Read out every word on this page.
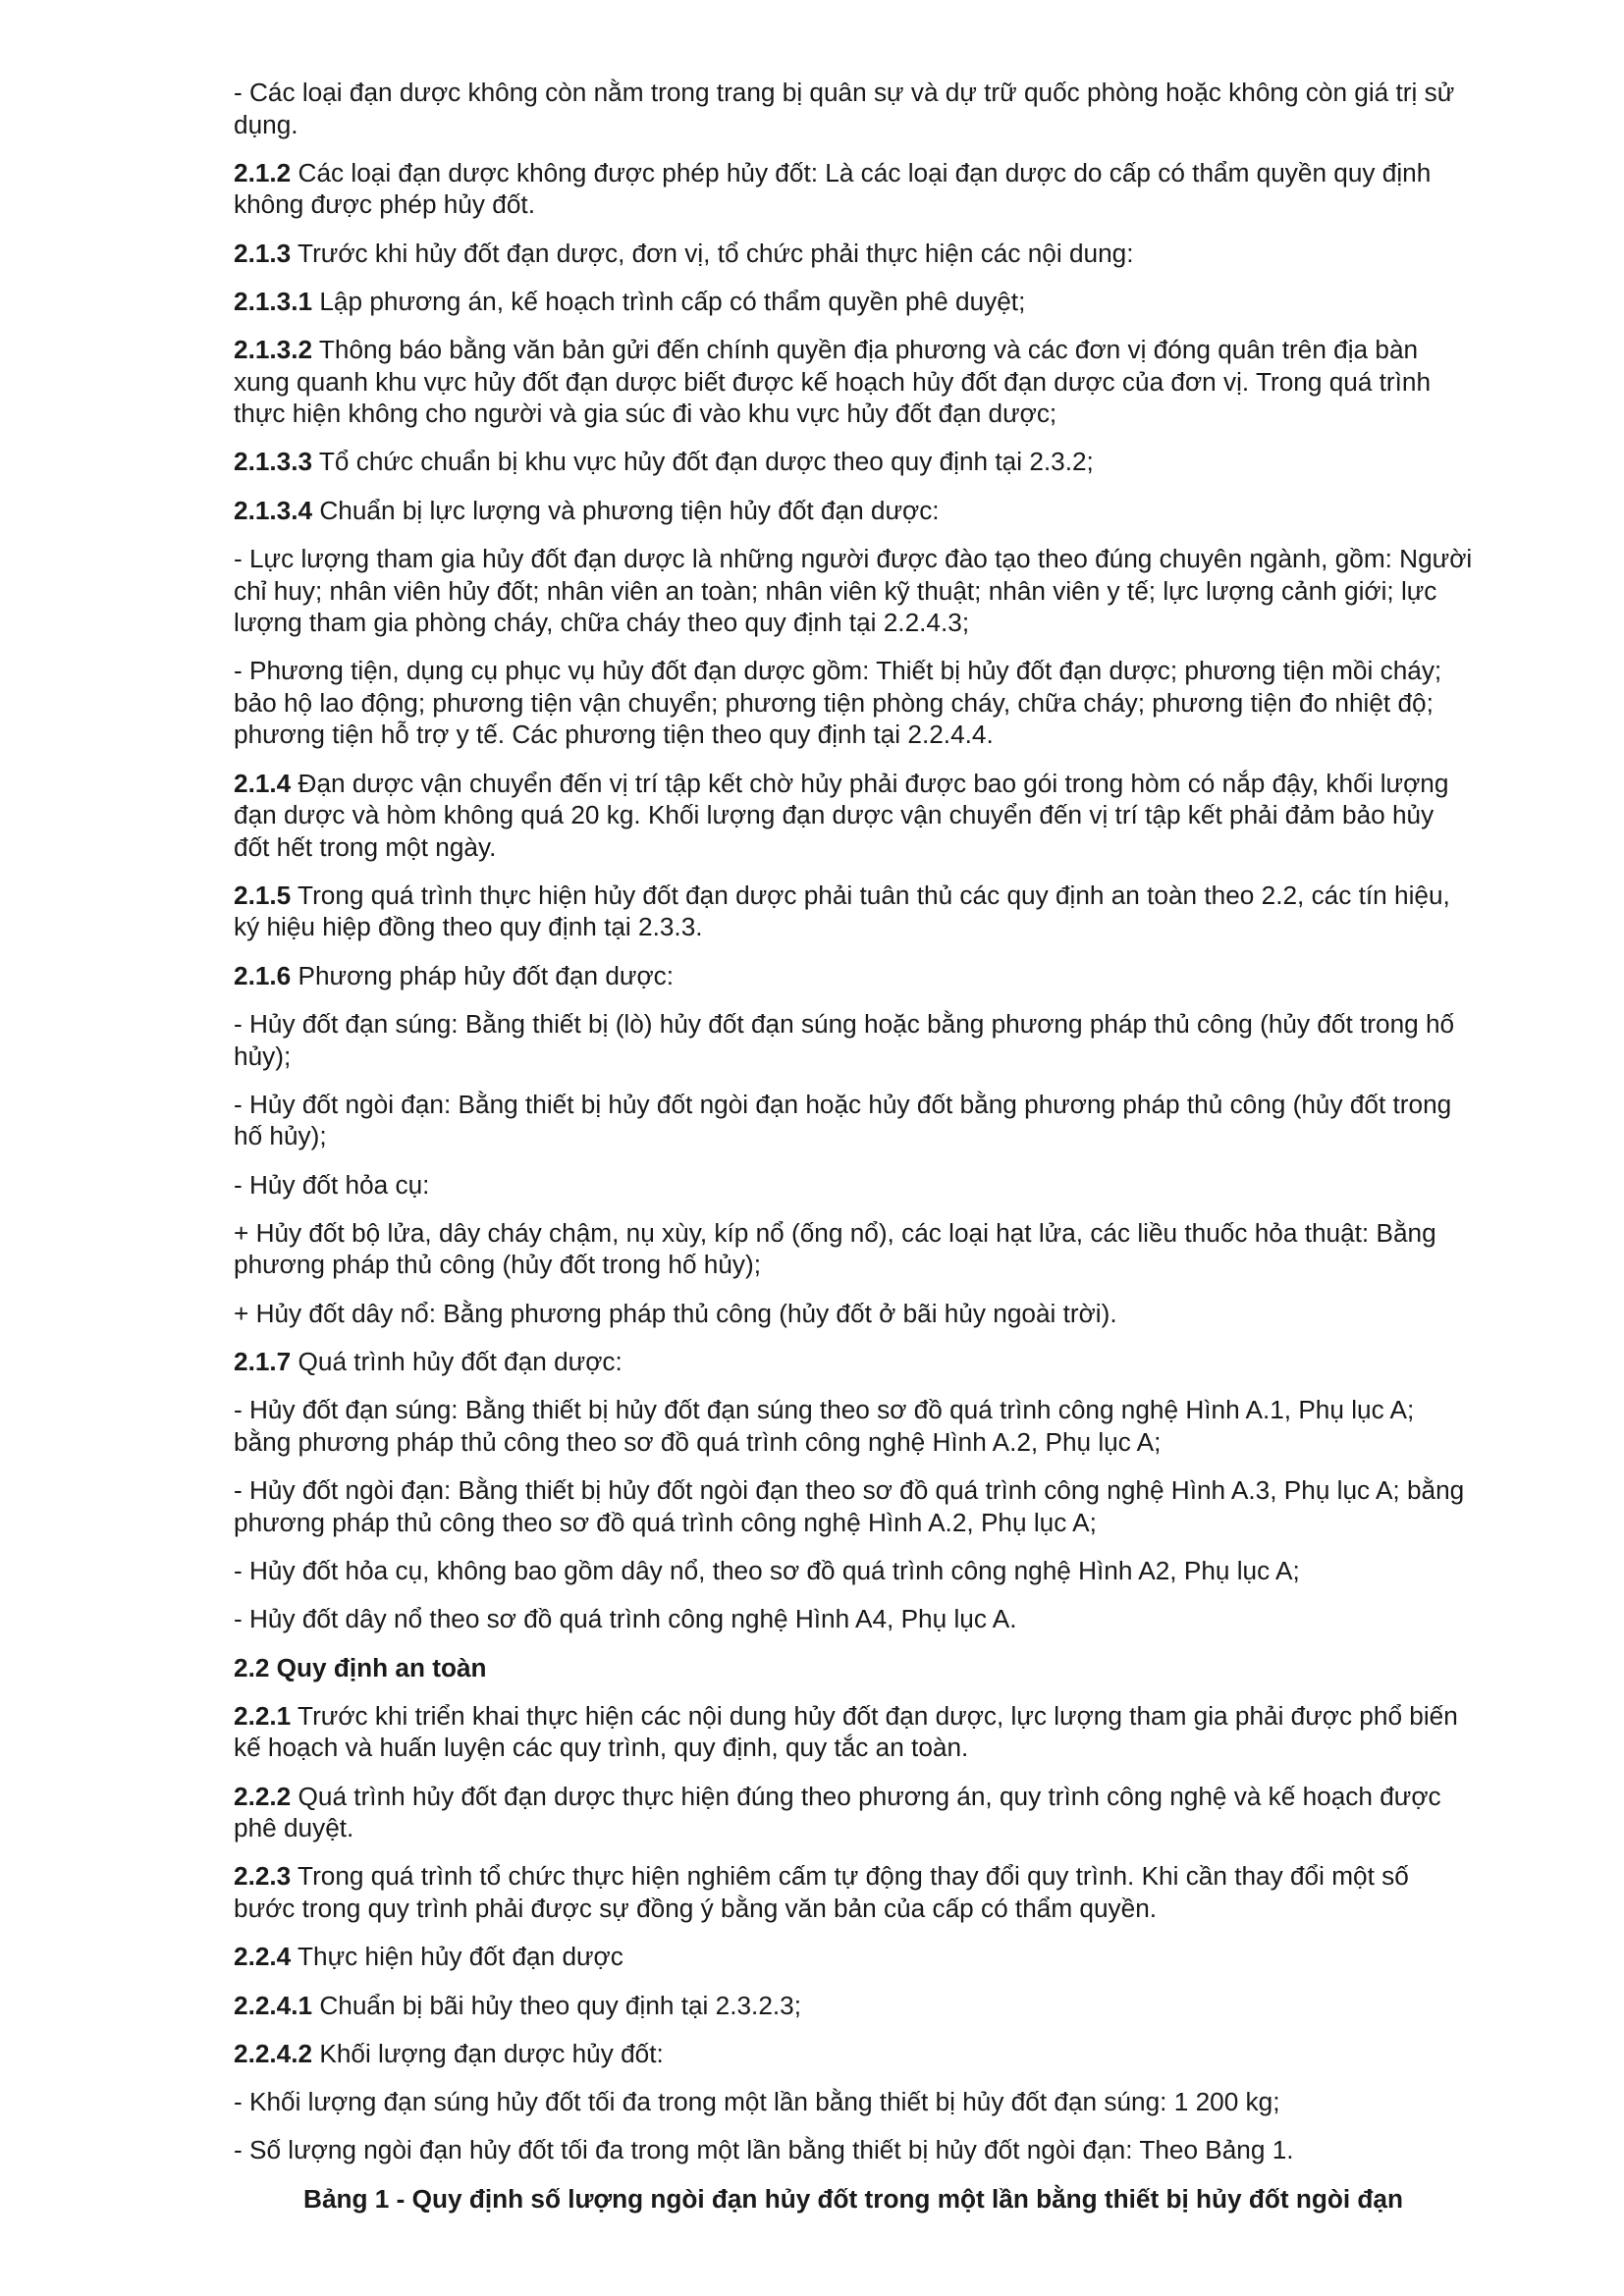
- Các loại đạn dược không còn nằm trong trang bị quân sự và dự trữ quốc phòng hoặc không còn giá trị sử dụng.

2.1.2 Các loại đạn dược không được phép hủy đốt: Là các loại đạn dược do cấp có thẩm quyền quy định không được phép hủy đốt.

2.1.3 Trước khi hủy đốt đạn dược, đơn vị, tổ chức phải thực hiện các nội dung:

2.1.3.1 Lập phương án, kế hoạch trình cấp có thẩm quyền phê duyệt;

2.1.3.2 Thông báo bằng văn bản gửi đến chính quyền địa phương và các đơn vị đóng quân trên địa bàn xung quanh khu vực hủy đốt đạn dược biết được kế hoạch hủy đốt đạn dược của đơn vị. Trong quá trình thực hiện không cho người và gia súc đi vào khu vực hủy đốt đạn dược;

2.1.3.3 Tổ chức chuẩn bị khu vực hủy đốt đạn dược theo quy định tại 2.3.2;

2.1.3.4 Chuẩn bị lực lượng và phương tiện hủy đốt đạn dược:

- Lực lượng tham gia hủy đốt đạn dược là những người được đào tạo theo đúng chuyên ngành, gồm: Người chỉ huy; nhân viên hủy đốt; nhân viên an toàn; nhân viên kỹ thuật; nhân viên y tế; lực lượng cảnh giới; lực lượng tham gia phòng cháy, chữa cháy theo quy định tại 2.2.4.3;

- Phương tiện, dụng cụ phục vụ hủy đốt đạn dược gồm: Thiết bị hủy đốt đạn dược; phương tiện mồi cháy; bảo hộ lao động; phương tiện vận chuyển; phương tiện phòng cháy, chữa cháy; phương tiện đo nhiệt độ; phương tiện hỗ trợ y tế. Các phương tiện theo quy định tại 2.2.4.4.

2.1.4 Đạn dược vận chuyển đến vị trí tập kết chờ hủy phải được bao gói trong hòm có nắp đậy, khối lượng đạn dược và hòm không quá 20 kg. Khối lượng đạn dược vận chuyển đến vị trí tập kết phải đảm bảo hủy đốt hết trong một ngày.

2.1.5 Trong quá trình thực hiện hủy đốt đạn dược phải tuân thủ các quy định an toàn theo 2.2, các tín hiệu, ký hiệu hiệp đồng theo quy định tại 2.3.3.

2.1.6 Phương pháp hủy đốt đạn dược:

- Hủy đốt đạn súng: Bằng thiết bị (lò) hủy đốt đạn súng hoặc bằng phương pháp thủ công (hủy đốt trong hố hủy);

- Hủy đốt ngòi đạn: Bằng thiết bị hủy đốt ngòi đạn hoặc hủy đốt bằng phương pháp thủ công (hủy đốt trong hố hủy);

- Hủy đốt hỏa cụ:

+ Hủy đốt bộ lửa, dây cháy chậm, nụ xùy, kíp nổ (ống nổ), các loại hạt lửa, các liều thuốc hỏa thuật: Bằng phương pháp thủ công (hủy đốt trong hố hủy);

+ Hủy đốt dây nổ: Bằng phương pháp thủ công (hủy đốt ở bãi hủy ngoài trời).

2.1.7 Quá trình hủy đốt đạn dược:

- Hủy đốt đạn súng: Bằng thiết bị hủy đốt đạn súng theo sơ đồ quá trình công nghệ Hình A.1, Phụ lục A; bằng phương pháp thủ công theo sơ đồ quá trình công nghệ Hình A.2, Phụ lục A;

- Hủy đốt ngòi đạn: Bằng thiết bị hủy đốt ngòi đạn theo sơ đồ quá trình công nghệ Hình A.3, Phụ lục A; bằng phương pháp thủ công theo sơ đồ quá trình công nghệ Hình A.2, Phụ lục A;

- Hủy đốt hỏa cụ, không bao gồm dây nổ, theo sơ đồ quá trình công nghệ Hình A2, Phụ lục A;

- Hủy đốt dây nổ theo sơ đồ quá trình công nghệ Hình A4, Phụ lục A.

2.2 Quy định an toàn

2.2.1 Trước khi triển khai thực hiện các nội dung hủy đốt đạn dược, lực lượng tham gia phải được phổ biến kế hoạch và huấn luyện các quy trình, quy định, quy tắc an toàn.

2.2.2 Quá trình hủy đốt đạn dược thực hiện đúng theo phương án, quy trình công nghệ và kế hoạch được phê duyệt.

2.2.3 Trong quá trình tổ chức thực hiện nghiêm cấm tự động thay đổi quy trình. Khi cần thay đổi một số bước trong quy trình phải được sự đồng ý bằng văn bản của cấp có thẩm quyền.

2.2.4 Thực hiện hủy đốt đạn dược

2.2.4.1 Chuẩn bị bãi hủy theo quy định tại 2.3.2.3;

2.2.4.2 Khối lượng đạn dược hủy đốt:

- Khối lượng đạn súng hủy đốt tối đa trong một lần bằng thiết bị hủy đốt đạn súng: 1 200 kg;

- Số lượng ngòi đạn hủy đốt tối đa trong một lần bằng thiết bị hủy đốt ngòi đạn: Theo Bảng 1.

Bảng 1 - Quy định số lượng ngòi đạn hủy đốt trong một lần bằng thiết bị hủy đốt ngòi đạn
